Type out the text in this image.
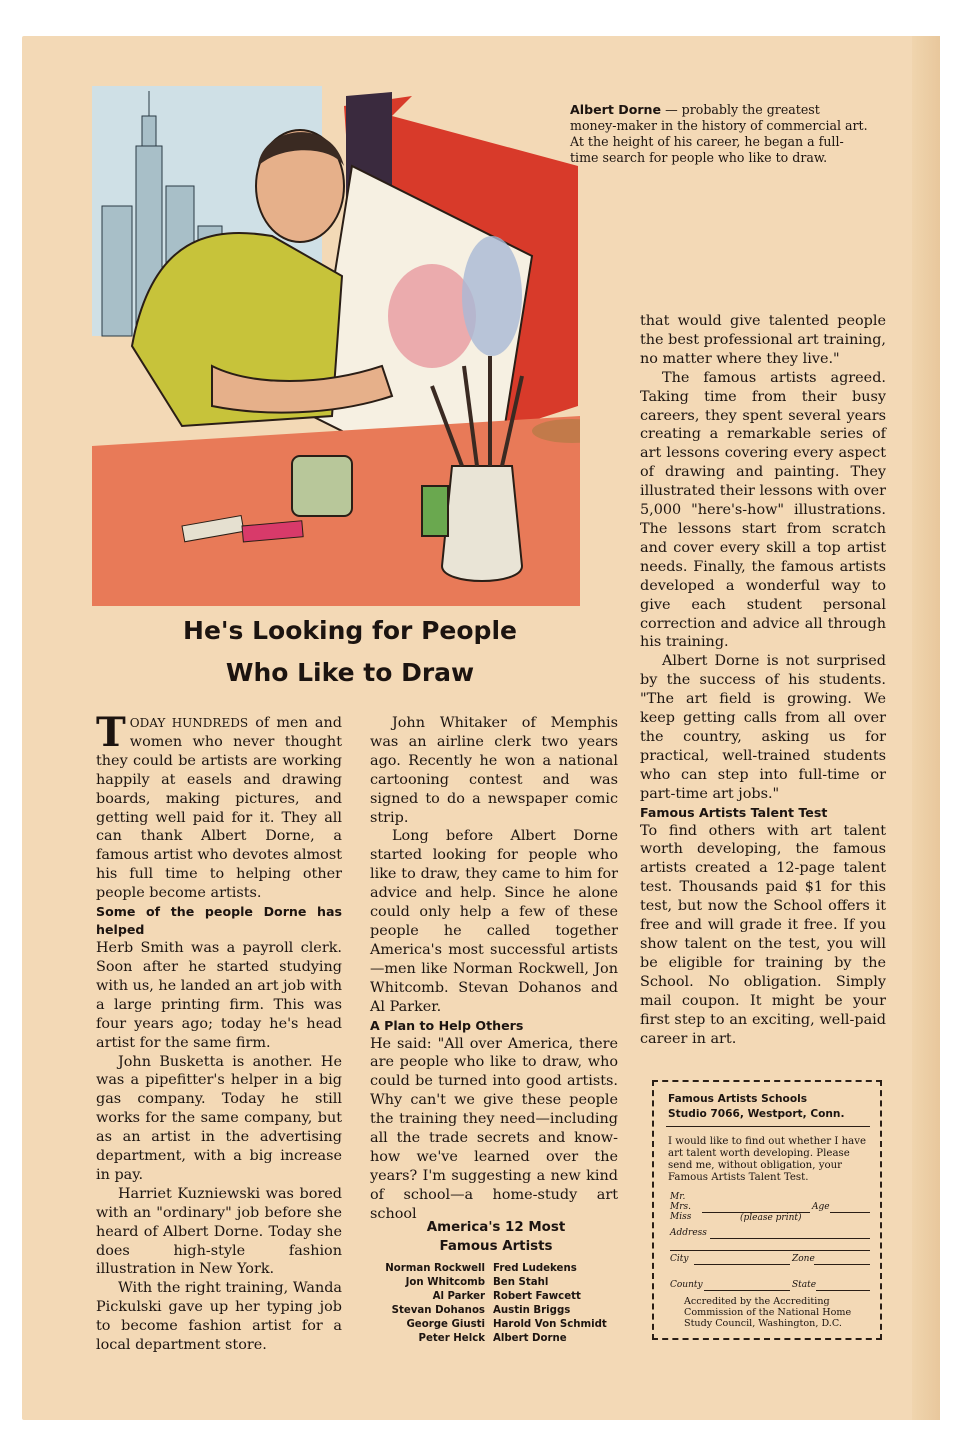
Albert Dorne — probably the greatest money-maker in the history of commercial art. At the height of his career, he began a full-time search for people who like to draw.
He's Looking for People
Who Like to Draw

TODAY HUNDREDS of men and women who never thought they could be artists are working happily at easels and drawing boards, making pictures, and getting well paid for it. They all can thank Albert Dorne, a famous artist who devotes almost his full time to helping other people become artists.

Some of the people Dorne has helped

Herb Smith was a payroll clerk. Soon after he started studying with us, he landed an art job with a large printing firm. This was four years ago; today he's head artist for the same firm.

John Busketta is another. He was a pipefitter's helper in a big gas company. Today he still works for the same company, but as an artist in the advertising department, with a big increase in pay.

Harriet Kuzniewski was bored with an "ordinary" job before she heard of Albert Dorne. Today she does high-style fashion illustration in New York.

With the right training, Wanda Pickulski gave up her typing job to become fashion artist for a local department store.

John Whitaker of Memphis was an airline clerk two years ago. Recently he won a national cartooning contest and was signed to do a newspaper comic strip.

Long before Albert Dorne started looking for people who like to draw, they came to him for advice and help. Since he alone could only help a few of these people he called together America's most successful artists —men like Norman Rockwell, Jon Whitcomb. Stevan Dohanos and Al Parker.

A Plan to Help Others

He said: "All over America, there are people who like to draw, who could be turned into good artists. Why can't we give these people the training they need—including all the trade secrets and know-how we've learned over the years? I'm suggesting a new kind of school—a home-study art school

that would give talented people the best professional art training, no matter where they live."

The famous artists agreed. Taking time from their busy careers, they spent several years creating a remarkable series of art lessons covering every aspect of drawing and painting. They illustrated their lessons with over 5,000 "here's-how" illustrations. The lessons start from scratch and cover every skill a top artist needs. Finally, the famous artists developed a wonderful way to give each student personal correction and advice all through his training.

Albert Dorne is not surprised by the success of his students. "The art field is growing. We keep getting calls from all over the country, asking us for practical, well-trained students who can step into full-time or part-time art jobs."

Famous Artists Talent Test

To find others with art talent worth developing, the famous artists created a 12-page talent test. Thousands paid $1 for this test, but now the School offers it free and will grade it free. If you show talent on the test, you will be eligible for training by the School. No obligation. Simply mail coupon. It might be your first step to an exciting, well-paid career in art.

America's 12 Most
Famous Artists
Norman Rockwell	Fred Ludekens
Jon Whitcomb	Ben Stahl
Al Parker	Robert Fawcett
Stevan Dohanos	Austin Briggs
George Giusti	Harold Von Schmidt
Peter Helck	Albert Dorne
Famous Artists Schools
Studio 7066, Westport, Conn.
I would like to find out whether I have art talent worth developing. Please send me, without obligation, your Famous Artists Talent Test.
Mr.
Mrs.	Age
Miss	(please print)
Address
City	Zone
County	State
Accredited by the Accrediting Commission of the National Home Study Council, Washington, D.C.
